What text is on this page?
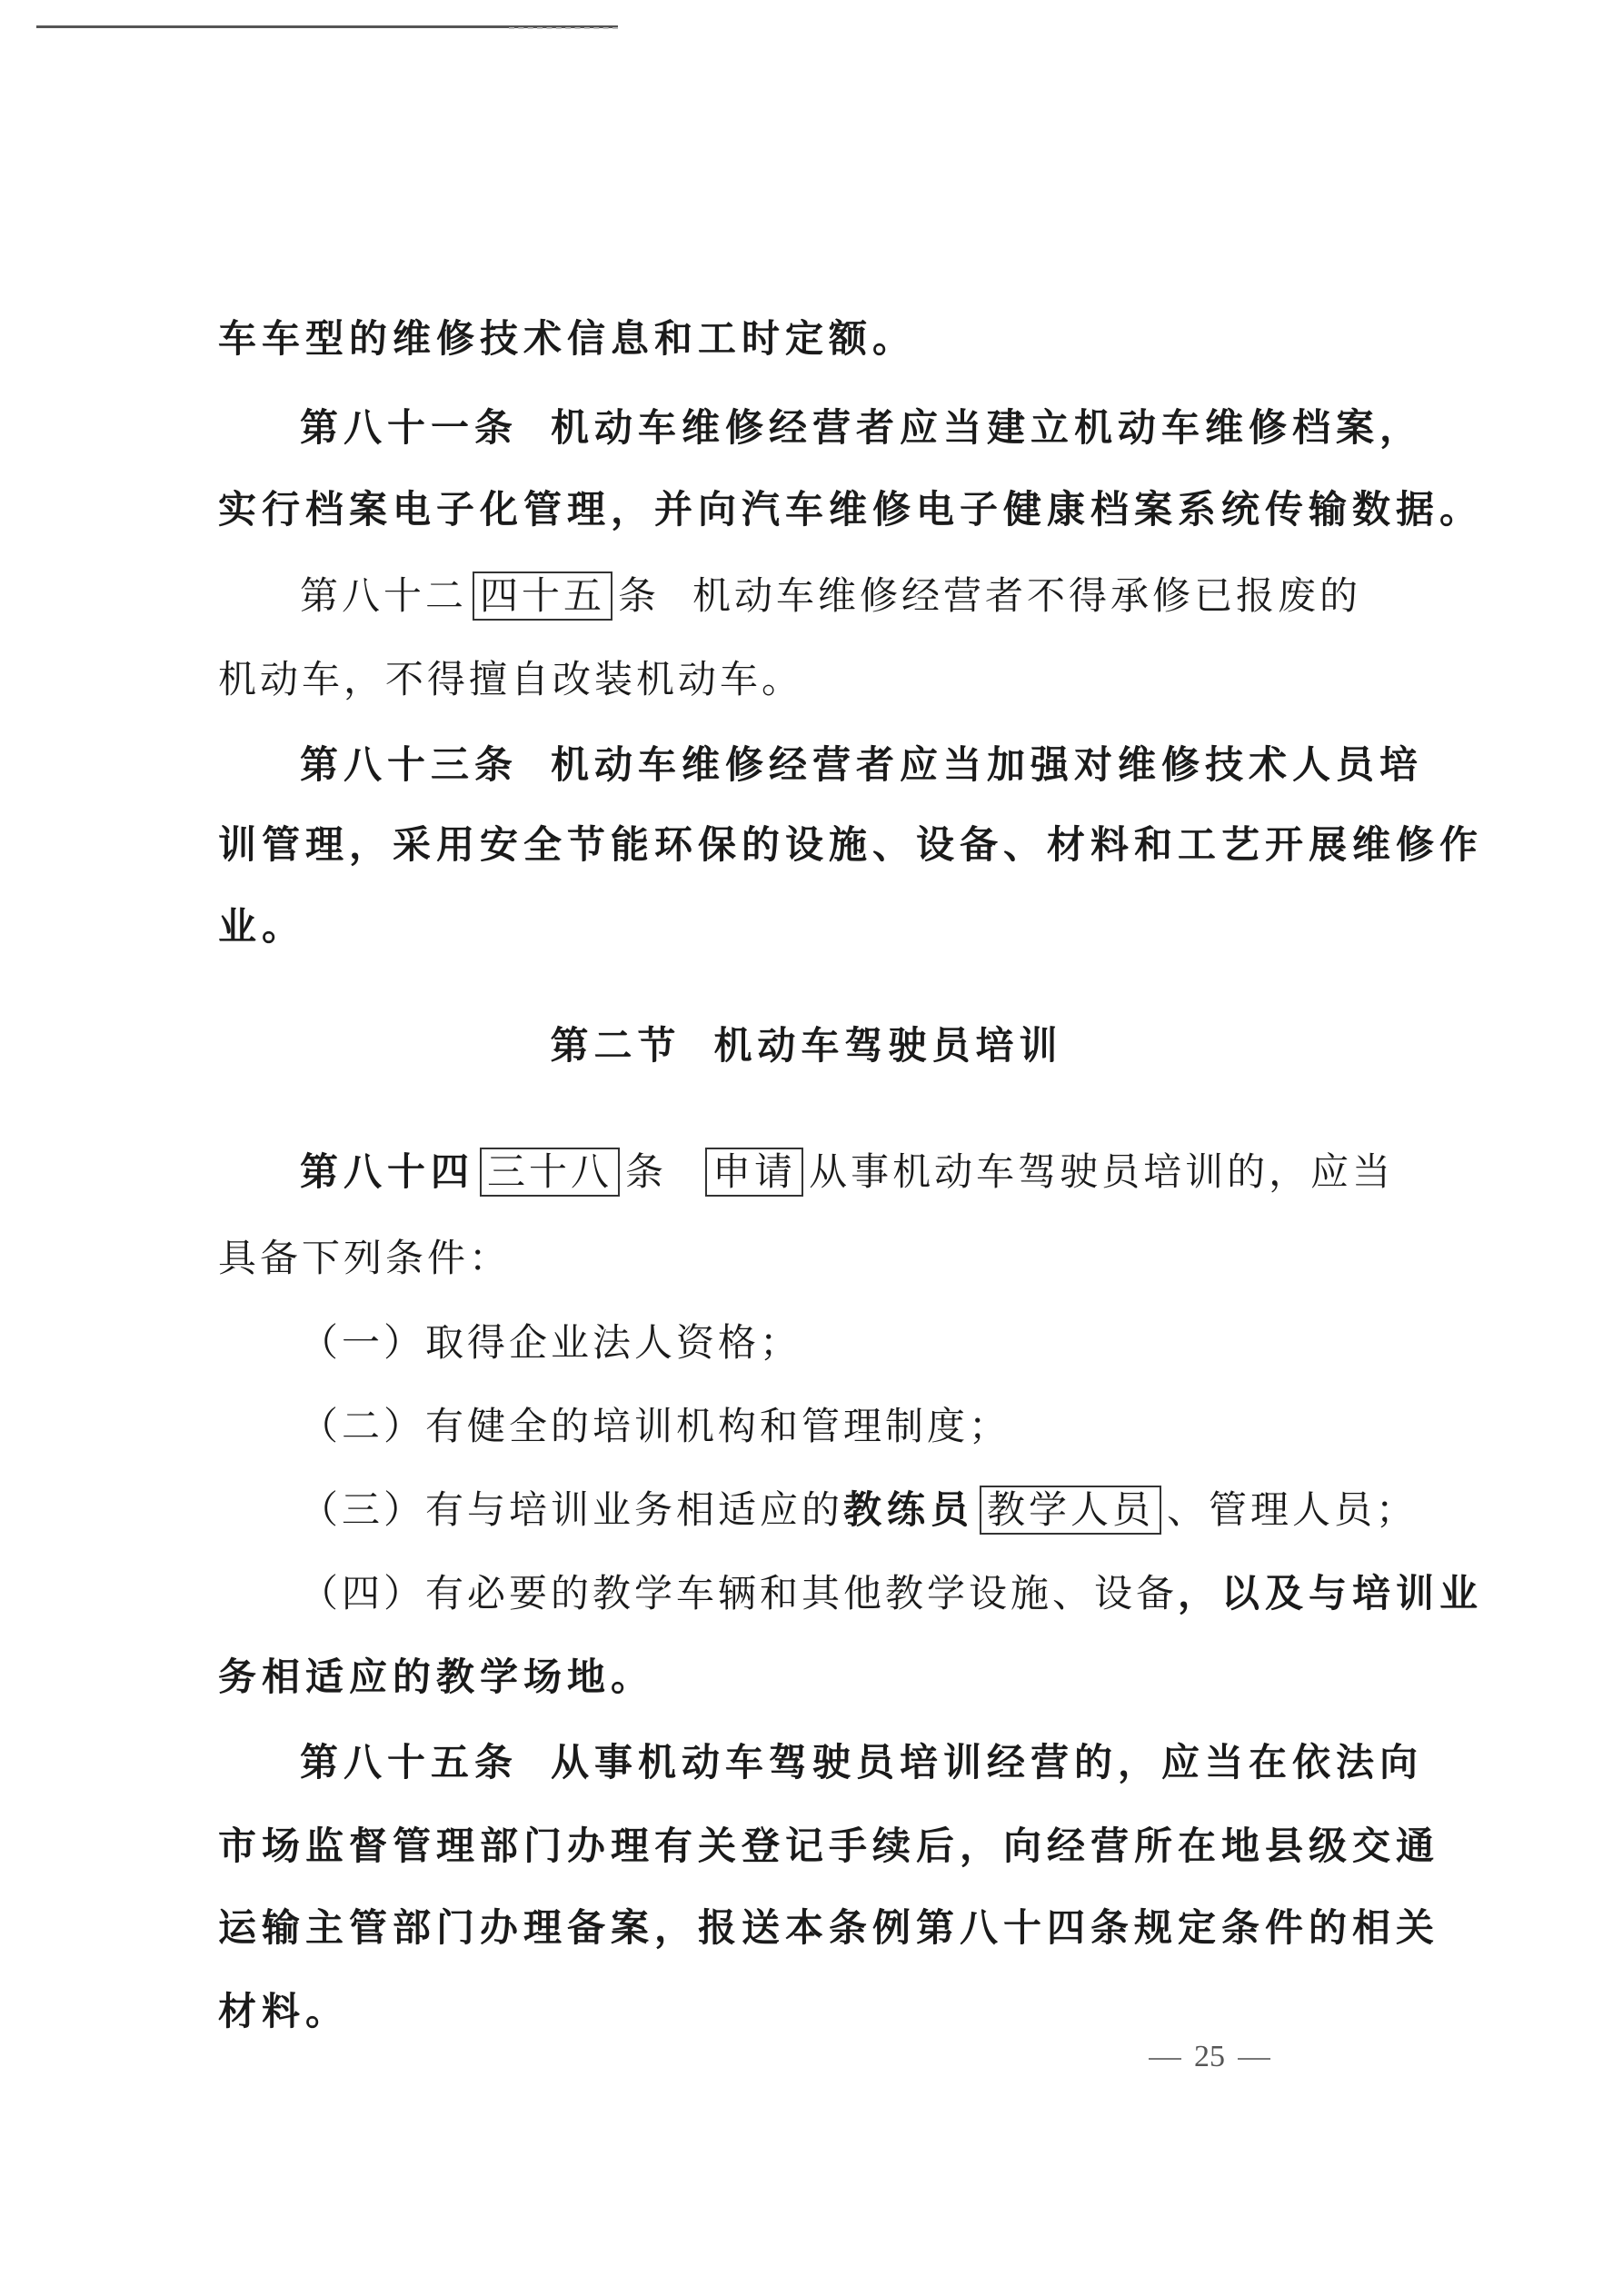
车车型的维修技术信息和工时定额。
第八十一条 机动车维修经营者应当建立机动车维修档案，
实行档案电子化管理，并向汽车维修电子健康档案系统传输数据。
第八十二 四十五 条 机动车维修经营者不得承修已报废的
机动车，不得擅自改装机动车。
第八十三条 机动车维修经营者应当加强对维修技术人员培
训管理，采用安全节能环保的设施、设备、材料和工艺开展维修作
业。
第二节 机动车驾驶员培训
第八十四 三十八 条 申请 从事机动车驾驶员培训的，应当
具备下列条件：
（一）取得企业法人资格；
（二）有健全的培训机构和管理制度；
（三）有与培训业务相适应的教练员 教学人员 、管理人员；
（四）有必要的教学车辆和其他教学设施、设备，以及与培训业
务相适应的教学场地。
第八十五条 从事机动车驾驶员培训经营的，应当在依法向
市场监督管理部门办理有关登记手续后，向经营所在地县级交通
运输主管部门办理备案，报送本条例第八十四条规定条件的相关
材料。
25
